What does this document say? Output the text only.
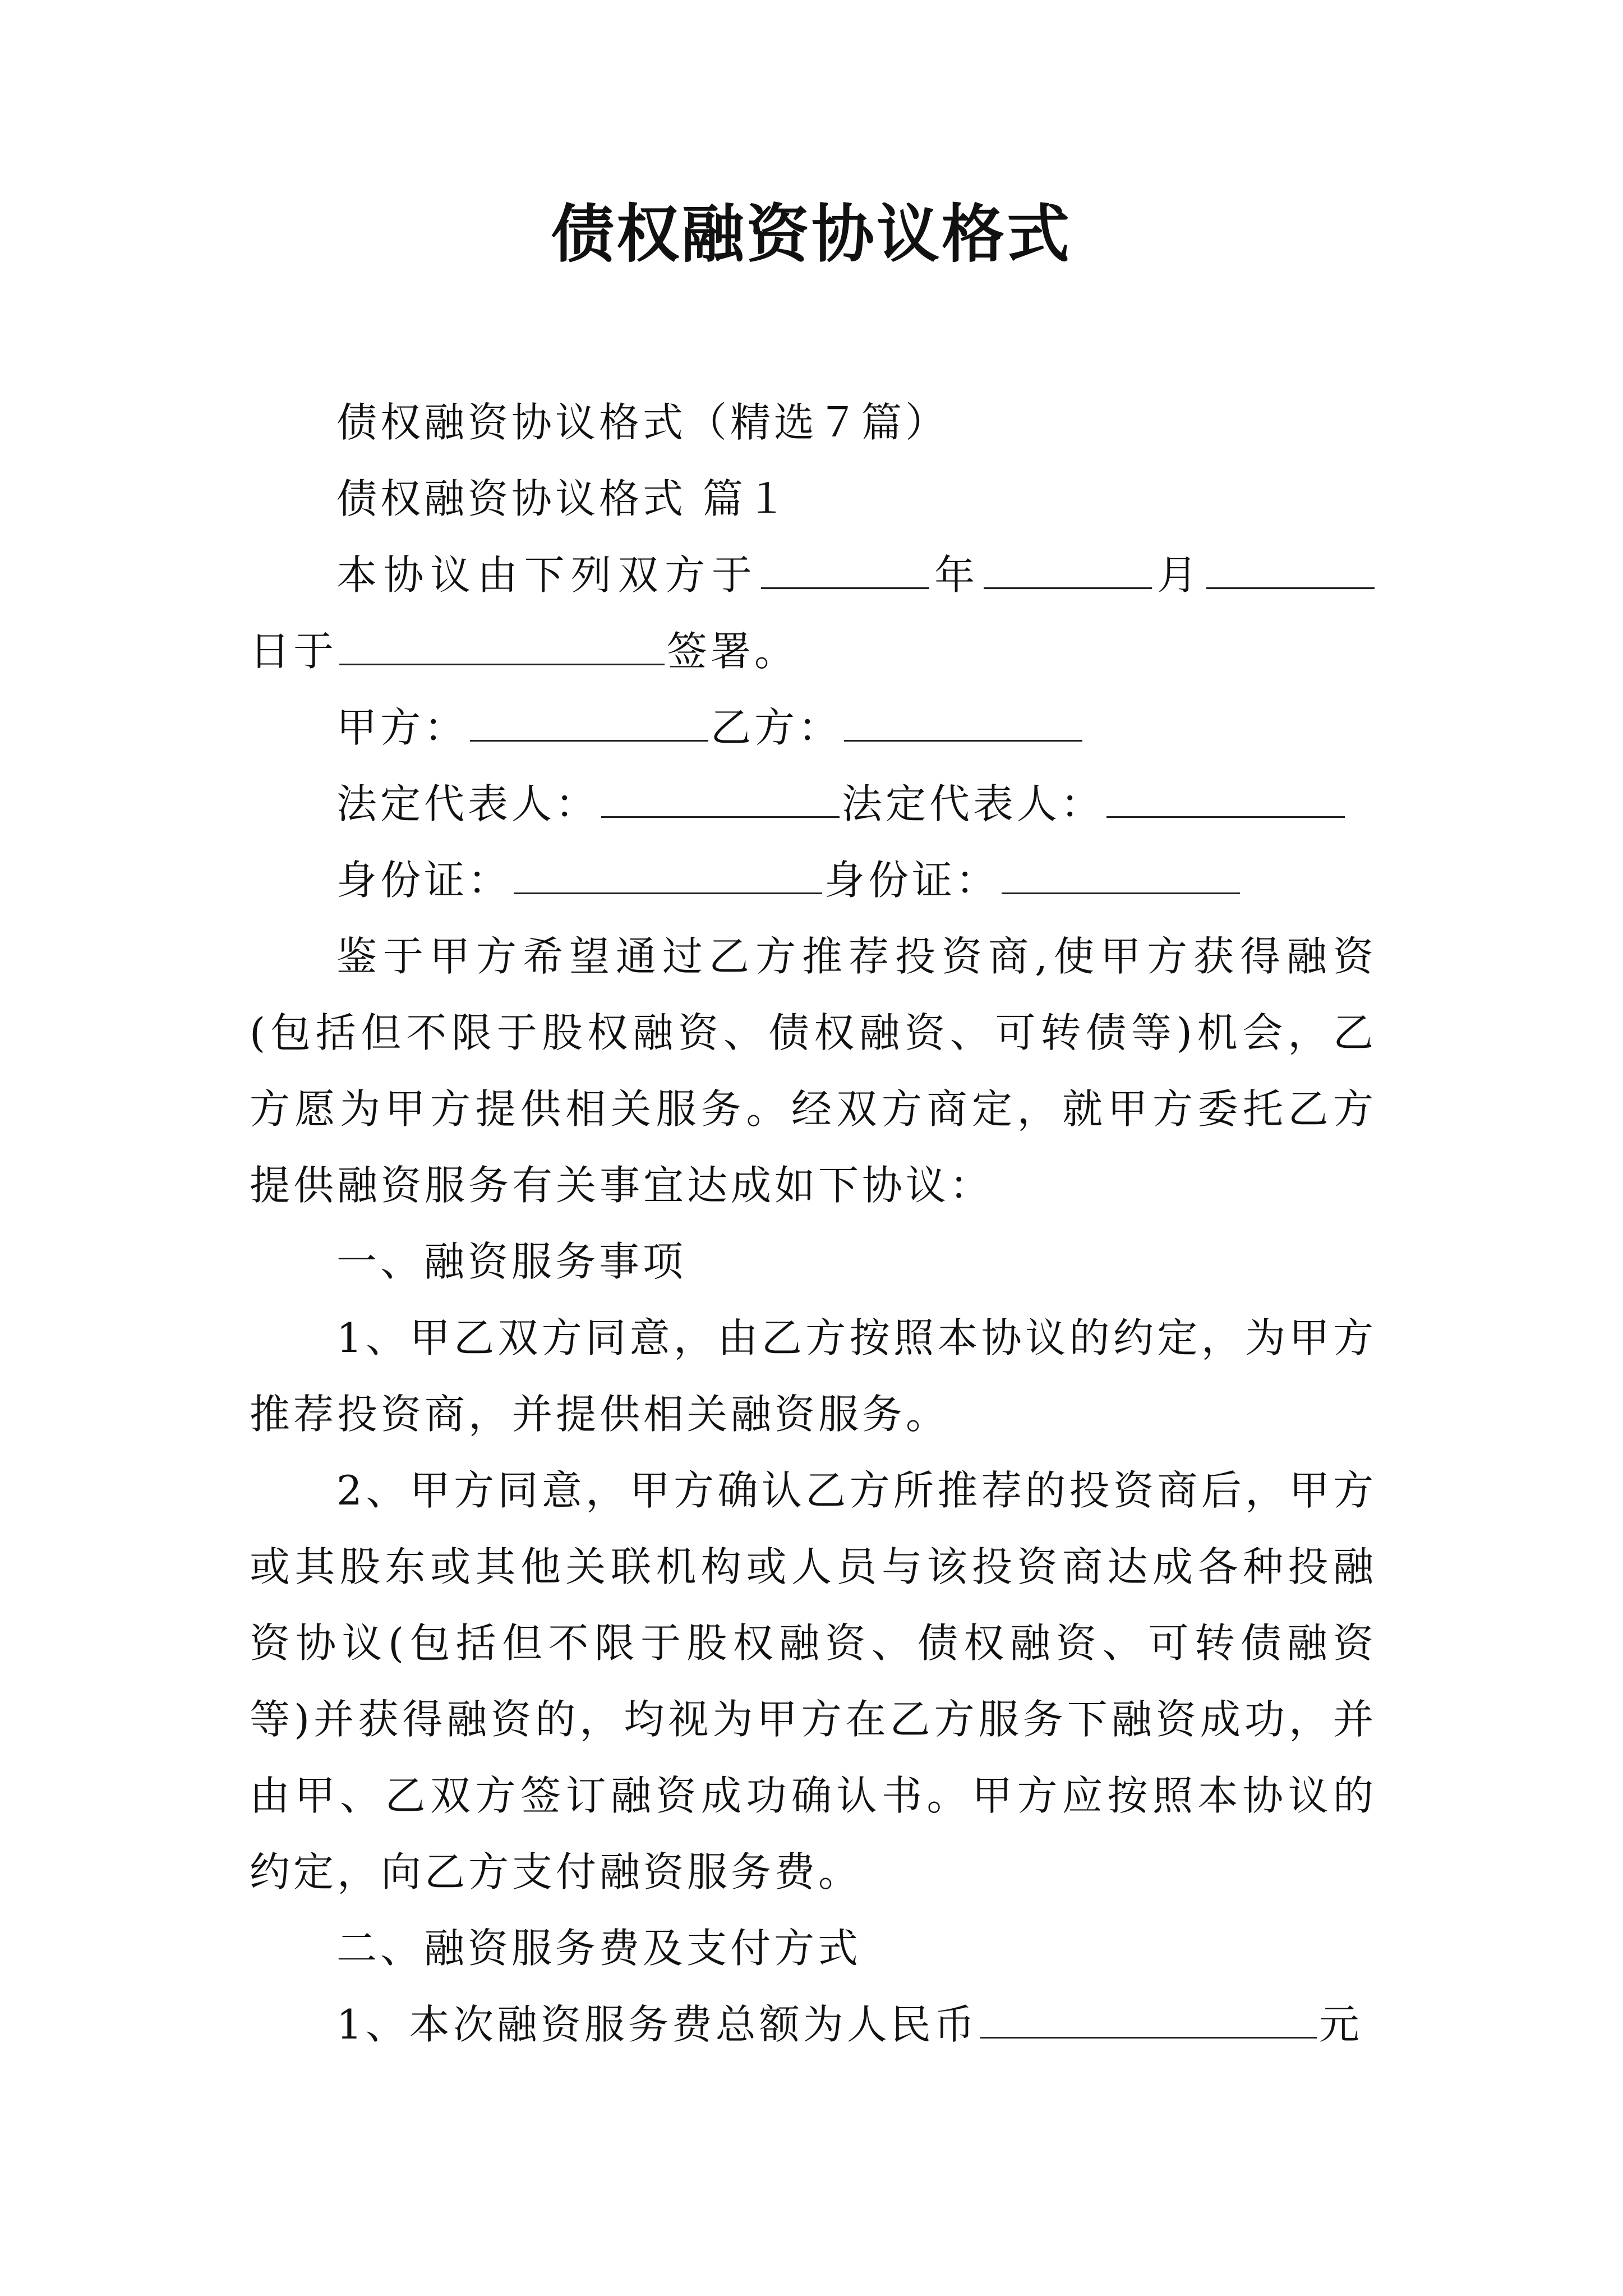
债权融资协议格式

债权融资协议格式（精选７篇）

债权融资协议格式 篇１

本协议由下列双方于	年	月日于	签署。

甲方：	乙方：

法定代表人：	法定代表人：

身份证：	身份证：

鉴于甲方希望通过乙方推荐投资商,使甲方获得融资(包括但不限于股权融资、债权融资、可转债等)机会，乙方愿为甲方提供相关服务。经双方商定，就甲方委托乙方提供融资服务有关事宜达成如下协议：

一、融资服务事项

1、甲乙双方同意，由乙方按照本协议的约定，为甲方推荐投资商，并提供相关融资服务。

2、甲方同意，甲方确认乙方所推荐的投资商后，甲方或其股东或其他关联机构或人员与该投资商达成各种投融资协议(包括但不限于股权融资、债权融资、可转债融资等)并获得融资的，均视为甲方在乙方服务下融资成功，并由甲、乙双方签订融资成功确认书。甲方应按照本协议的约定，向乙方支付融资服务费。

二、融资服务费及支付方式

1、本次融资服务费总额为人民币	元
